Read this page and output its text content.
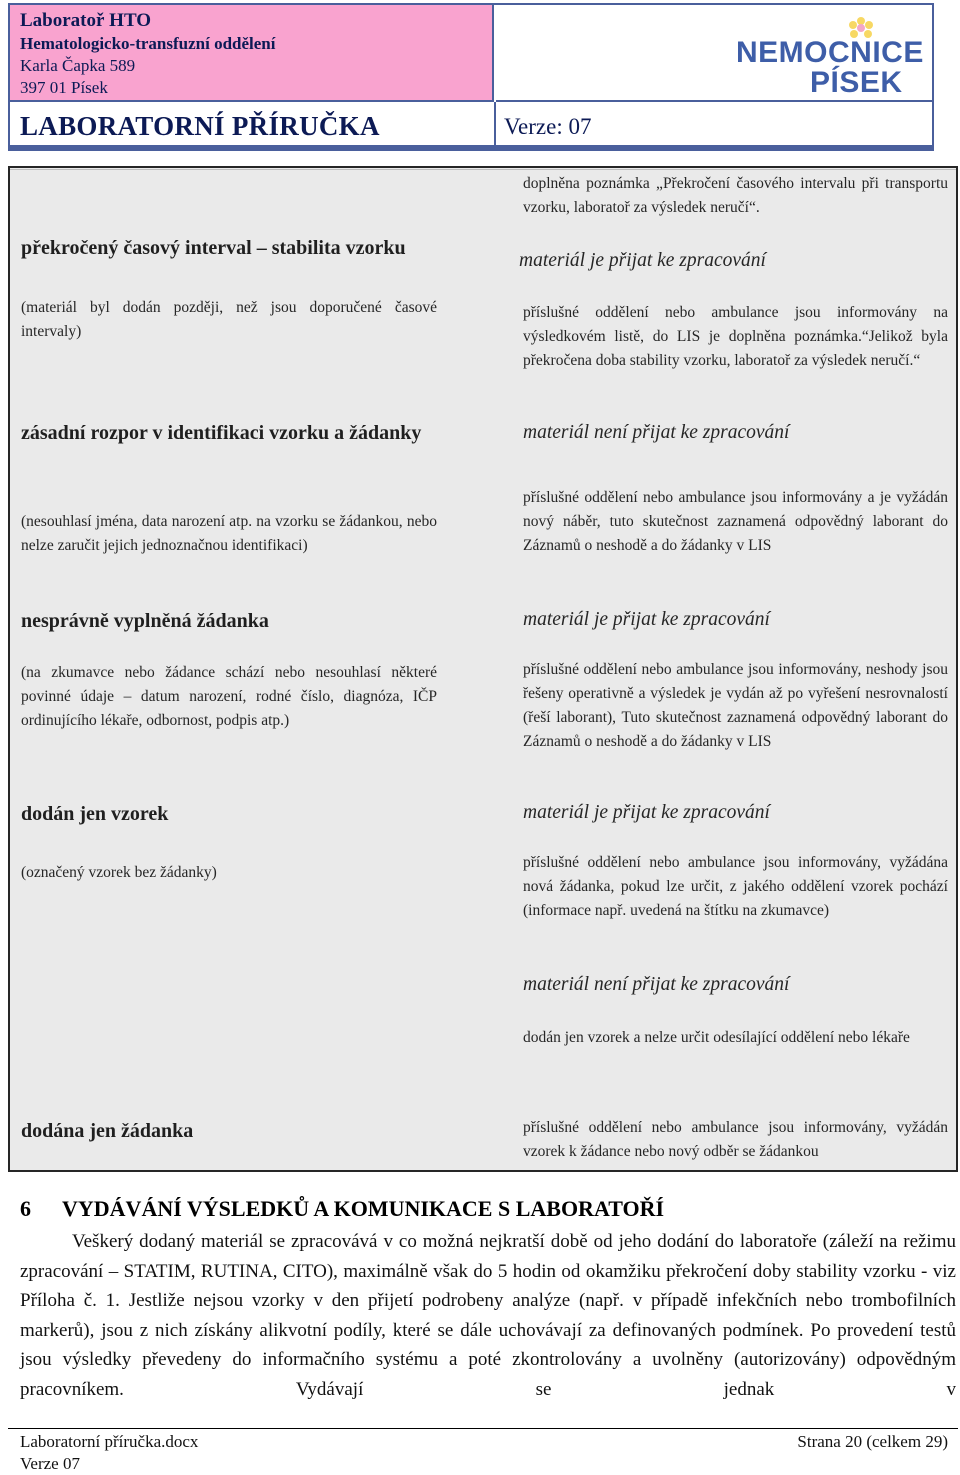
Laboratoř HTO
Hematologicko-transfuzní oddělení
Karla Čapka 589
397 01 Písek
NEMOCNICE
PÍSEK
LABORATORNÍ PŘÍRUČKA	Verze: 07
doplněna poznámka „Překročení časového intervalu při transportu vzorku, laboratoř za výsledek neručí“.
překročený časový interval – stabilita vzorku
(materiál byl dodán později, než jsou doporučené časové intervaly)
materiál je přijat ke zpracování
příslušné oddělení nebo ambulance jsou informovány na výsledkovém listě, do LIS je doplněna poznámka.“Jelikož byla překročena doba stability vzorku, laboratoř za výsledek neručí.“
zásadní rozpor v identifikaci vzorku a žádanky
(nesouhlasí jména, data narození atp. na vzorku se žádankou, nebo nelze zaručit jejich jednoznačnou identifikaci)
materiál není přijat ke zpracování
příslušné oddělení nebo ambulance jsou informovány a je vyžádán nový náběr, tuto skutečnost zaznamená odpovědný laborant do Záznamů o neshodě a do žádanky v LIS
nesprávně vyplněná žádanka
(na zkumavce nebo žádance schází nebo nesouhlasí některé povinné údaje – datum narození, rodné číslo, diagnóza, IČP ordinujícího lékaře, odbornost, podpis atp.)
materiál je přijat ke zpracování
příslušné oddělení nebo ambulance jsou informovány, neshody jsou řešeny operativně a výsledek je vydán až po vyřešení nesrovnalostí (řeší laborant), Tuto skutečnost zaznamená odpovědný laborant do Záznamů o neshodě a do žádanky v LIS
dodán jen vzorek
(označený vzorek bez žádanky)
materiál je přijat ke zpracování
příslušné oddělení nebo ambulance jsou informovány, vyžádána nová žádanka, pokud lze určit, z jakého oddělení vzorek pochází (informace např. uvedená na štítku na zkumavce)
materiál není přijat ke zpracování
dodán jen vzorek a nelze určit odesílající oddělení nebo lékaře
dodána jen žádanka	příslušné oddělení nebo ambulance jsou informovány, vyžádán vzorek k žádance nebo nový odběr se žádankou
6 VYDÁVÁNÍ VÝSLEDKŮ A KOMUNIKACE S LABORATOŘÍ
Veškerý dodaný materiál se zpracovává v co možná nejkratší době od jeho dodání do laboratoře (záleží na režimu zpracování – STATIM, RUTINA, CITO), maximálně však do 5 hodin od okamžiku překročení doby stability vzorku - viz Příloha č. 1. Jestliže nejsou vzorky v den přijetí podrobeny analýze (např. v případě infekčních nebo trombofilních markerů), jsou z nich získány alikvotní podíly, které se dále uchovávají za definovaných podmínek. Po provedení testů jsou výsledky převedeny do informačního systému a poté zkontrolovány a uvolněny (autorizovány) odpovědným pracovníkem. Vydávají se jednak v
Laboratorní příručka.docx
Verze 07
Strana 20 (celkem 29)
